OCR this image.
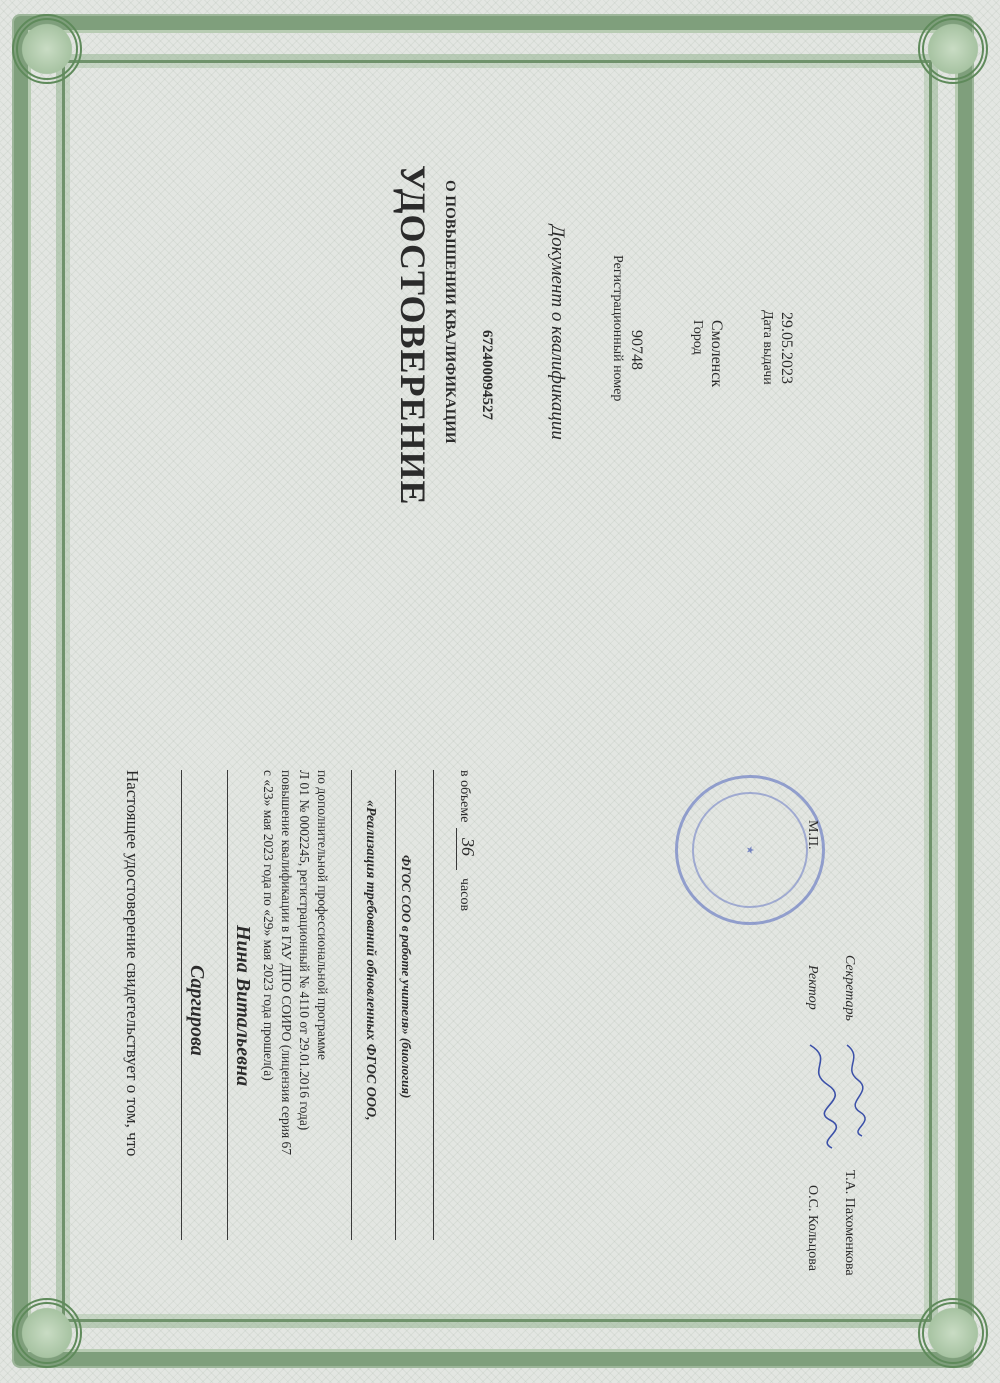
УДОСТОВЕРЕНИЕ О ПОВЫШЕНИИ КВАЛИФИКАЦИИ 672400094527	Документ о квалификации	Регистрационный номер 90748	Город Смоленск	Дата выдачи 29.05.2023
Настоящее удостоверение свидетельствует о том, что Саргирова Нина Витальевна с «23» мая 2023 года по «29» мая 2023 года прошел(а) повышение квалификации в ГАУ ДПО СОИРО (лицензия серия 67 Л 01 № 0002245, регистрационный № 4110 от 29.01.2016 года) по дополнительной профессиональной программе «Реализация требований обновленных ФГОС ООО, ФГОС СОО в работе учителя» (биология)
в объеме
36
часов
★
М.П.
Ректор
О.С. Кольцова
Секретарь
Т.А. Пахоменкова
